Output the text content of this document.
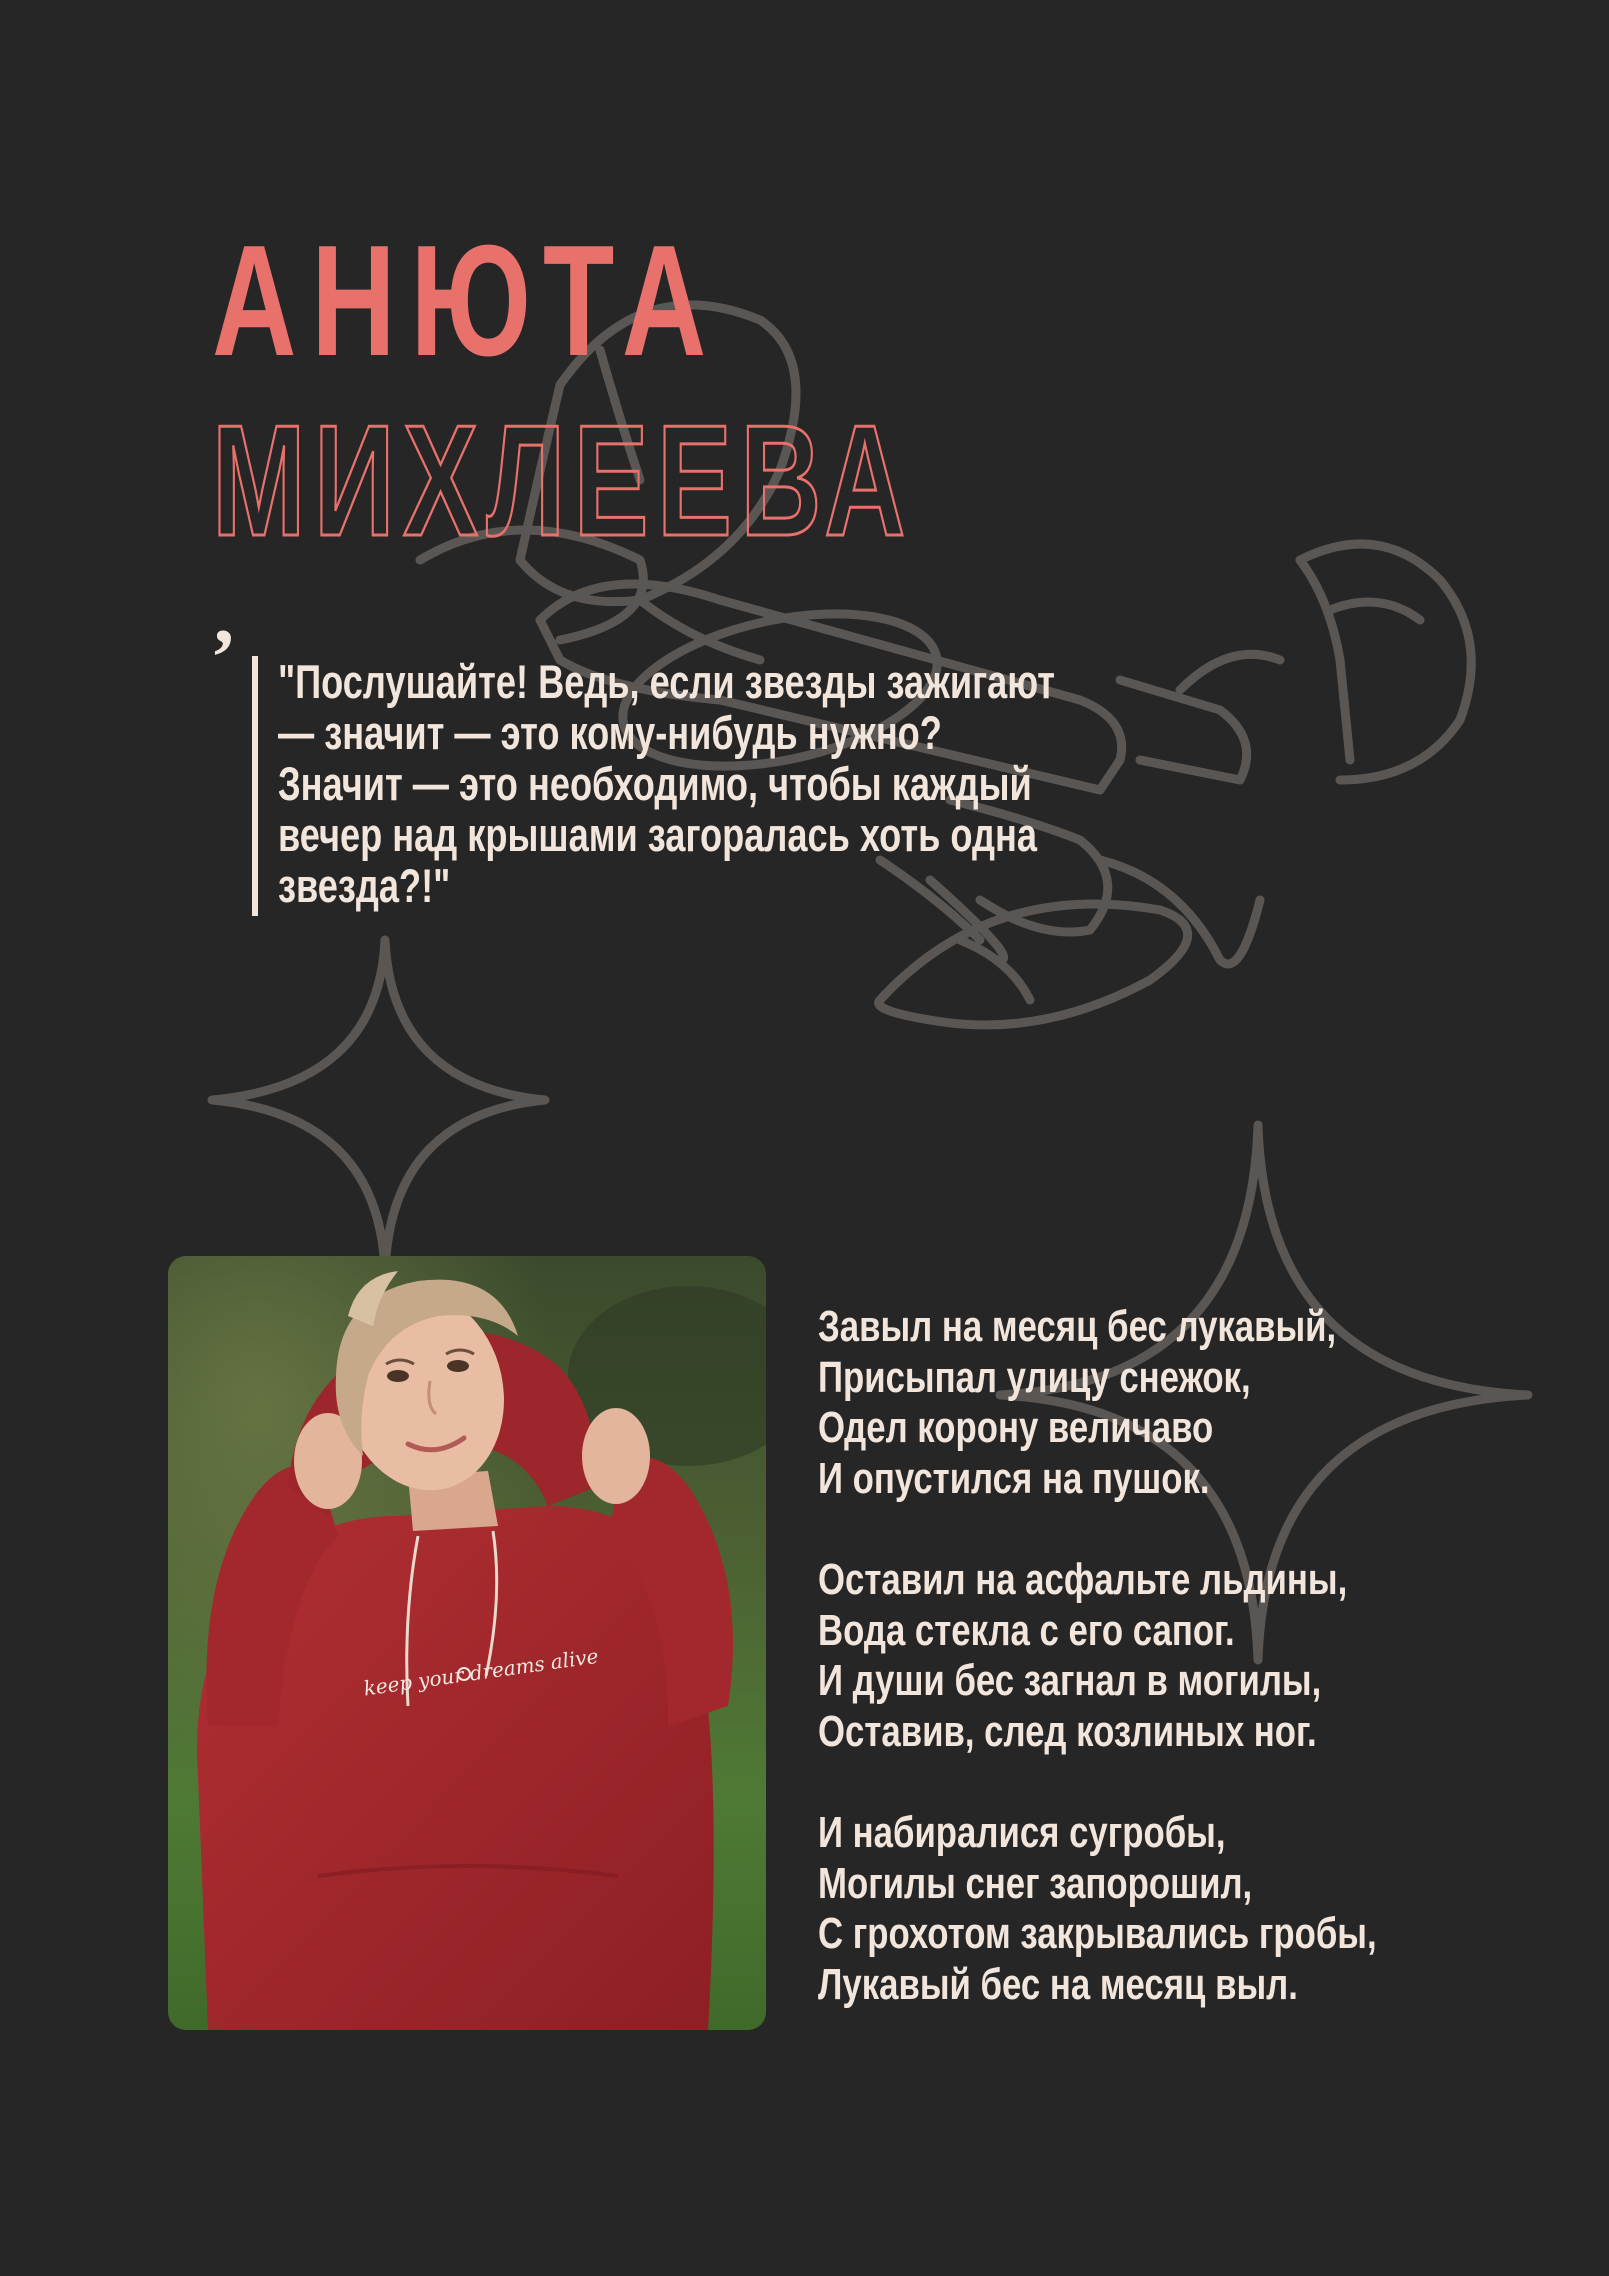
АНЮТА
МИХЛЕЕВА
’ "Послушайте! Ведь, если звезды зажигают
— значит — это кому-нибудь нужно?
Значит — это необходимо, чтобы каждый
вечер над крышами загоралась хоть одна
звезда?!"

keep your dreams alive
Завыл на месяц бес лукавый,
Присыпал улицу снежок,
Одел корону величаво
И опустился на пушок.
Оставил на асфальте льдины,
Вода стекла с его сапог.
И души бес загнал в могилы,
Оставив, след козлиных ног.
И набиралися сугробы,
Могилы снег запорошил,
С грохотом закрывались гробы,
Лукавый бес на месяц выл.
